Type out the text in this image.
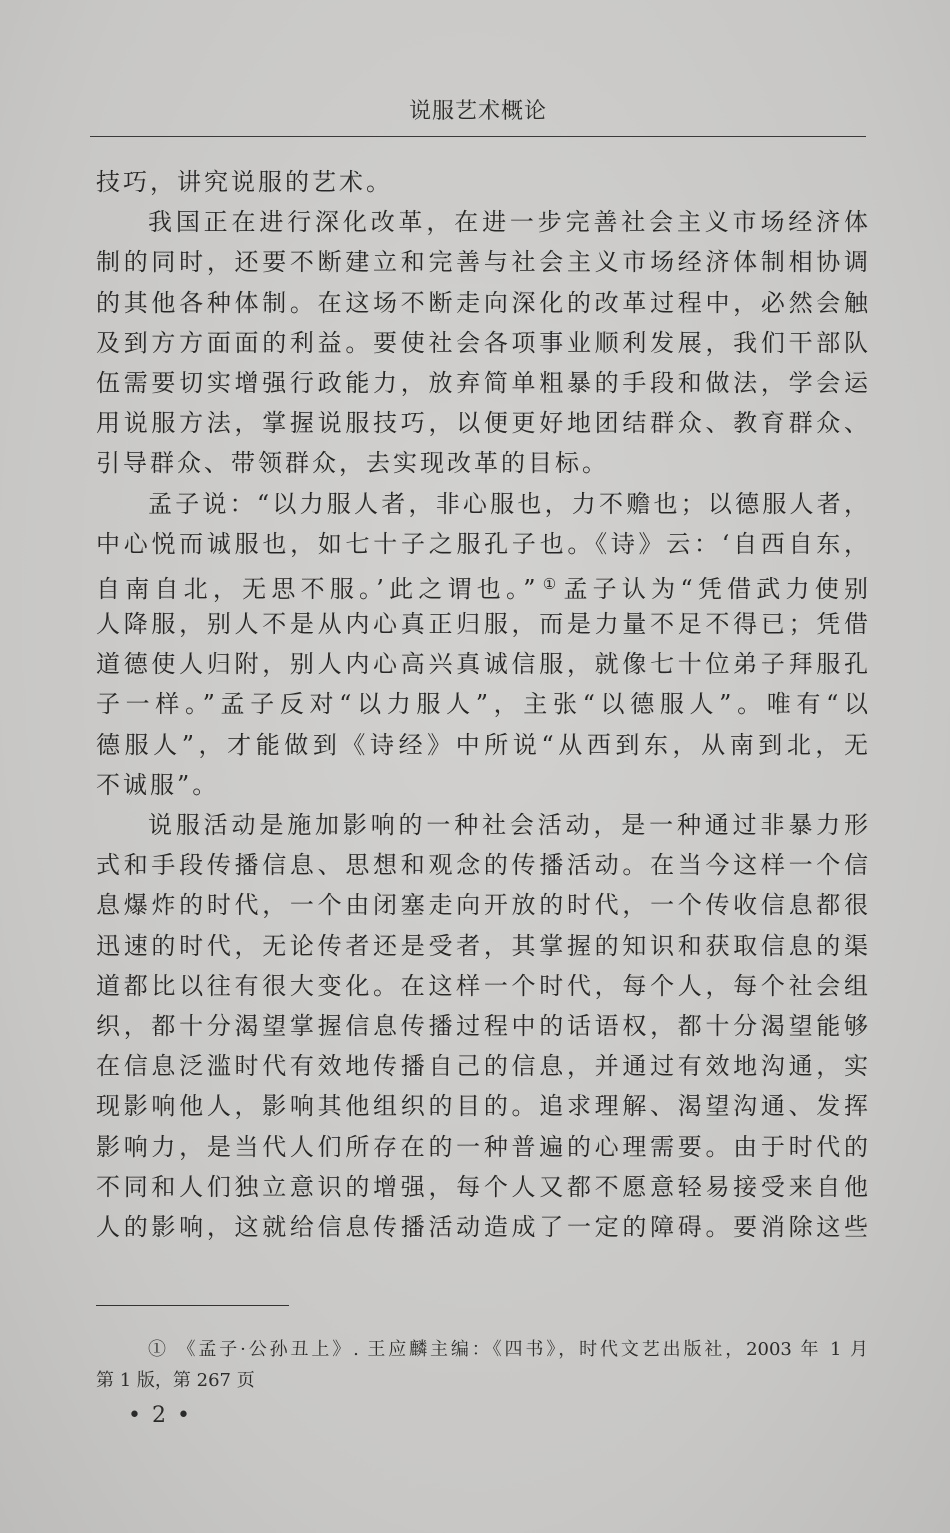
说服艺术概论
技巧，讲究说服的艺术。
我国正在进行深化改革，在进一步完善社会主义市场经济体
制的同时，还要不断建立和完善与社会主义市场经济体制相协调
的其他各种体制。在这场不断走向深化的改革过程中，必然会触
及到方方面面的利益。要使社会各项事业顺利发展，我们干部队
伍需要切实增强行政能力，放弃简单粗暴的手段和做法，学会运
用说服方法，掌握说服技巧，以便更好地团结群众、教育群众、
引导群众、带领群众，去实现改革的目标。
孟子说：“以力服人者，非心服也，力不赡也；以德服人者，
中心悦而诚服也，如七十子之服孔子也。《诗》云：‘自西自东，
自南自北，无思不服。’此之谓也。” ①孟子认为“凭借武力使别
人降服，别人不是从内心真正归服，而是力量不足不得已；凭借
道德使人归附，别人内心高兴真诚信服，就像七十位弟子拜服孔
子一样。”孟子反对“以力服人”，主张“以德服人”。唯有“以
德服人”，才能做到《诗经》中所说“从西到东，从南到北，无
不诚服”。
说服活动是施加影响的一种社会活动，是一种通过非暴力形
式和手段传播信息、思想和观念的传播活动。在当今这样一个信
息爆炸的时代，一个由闭塞走向开放的时代，一个传收信息都很
迅速的时代，无论传者还是受者，其掌握的知识和获取信息的渠
道都比以往有很大变化。在这样一个时代，每个人，每个社会组
织，都十分渴望掌握信息传播过程中的话语权，都十分渴望能够
在信息泛滥时代有效地传播自己的信息，并通过有效地沟通，实
现影响他人，影响其他组织的目的。追求理解、渴望沟通、发挥
影响力，是当代人们所存在的一种普遍的心理需要。由于时代的
不同和人们独立意识的增强，每个人又都不愿意轻易接受来自他
人的影响，这就给信息传播活动造成了一定的障碍。要消除这些
① 《孟子·公孙丑上》. 王应麟主编：《四书》，时代文艺出版社，2003 年 1 月
第 1 版，第 267 页
• 2 •
